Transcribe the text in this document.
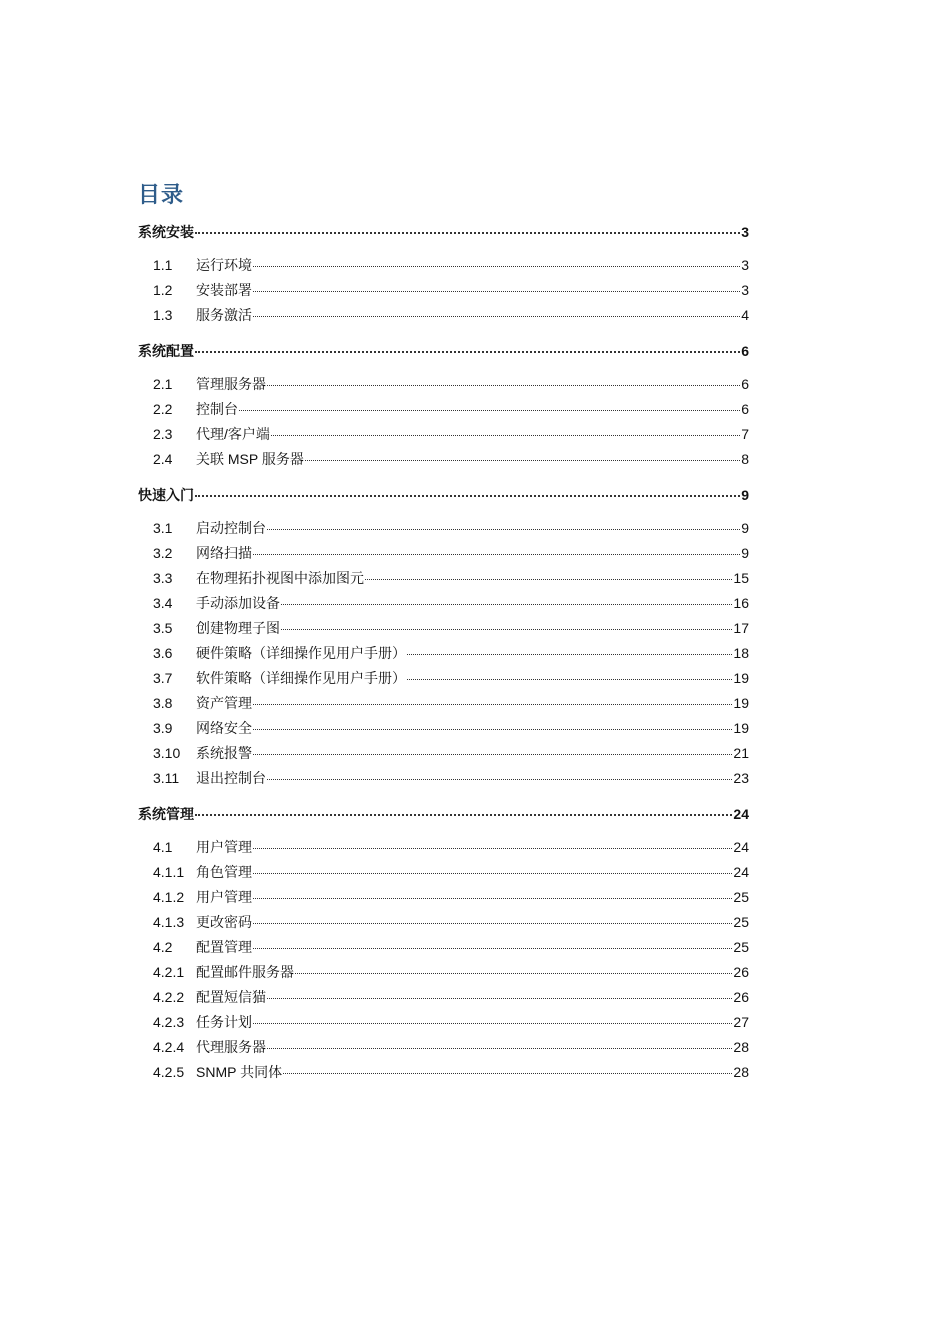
目录
系统安装	3
1.1	运行环境	3
1.2	安装部署	3
1.3	服务激活	4
系统配置	6
2.1	管理服务器	6
2.2	控制台	6
2.3	代理/客户端	7
2.4	关联 MSP 服务器	8
快速入门	9
3.1	启动控制台	9
3.2	网络扫描	9
3.3	在物理拓扑视图中添加图元	15
3.4	手动添加设备	16
3.5	创建物理子图	17
3.6	硬件策略（详细操作见用户手册）	18
3.7	软件策略（详细操作见用户手册）	19
3.8	资产管理	19
3.9	网络安全	19
3.10	系统报警	21
3.11	退出控制台	23
系统管理	24
4.1	用户管理	24
4.1.1 角色管理	24
4.1.2 用户管理	25
4.1.3 更改密码	25
4.2	配置管理	25
4.2.1 配置邮件服务器	26
4.2.2 配置短信猫	26
4.2.3 任务计划	27
4.2.4 代理服务器	28
4.2.5 SNMP 共同体	28
